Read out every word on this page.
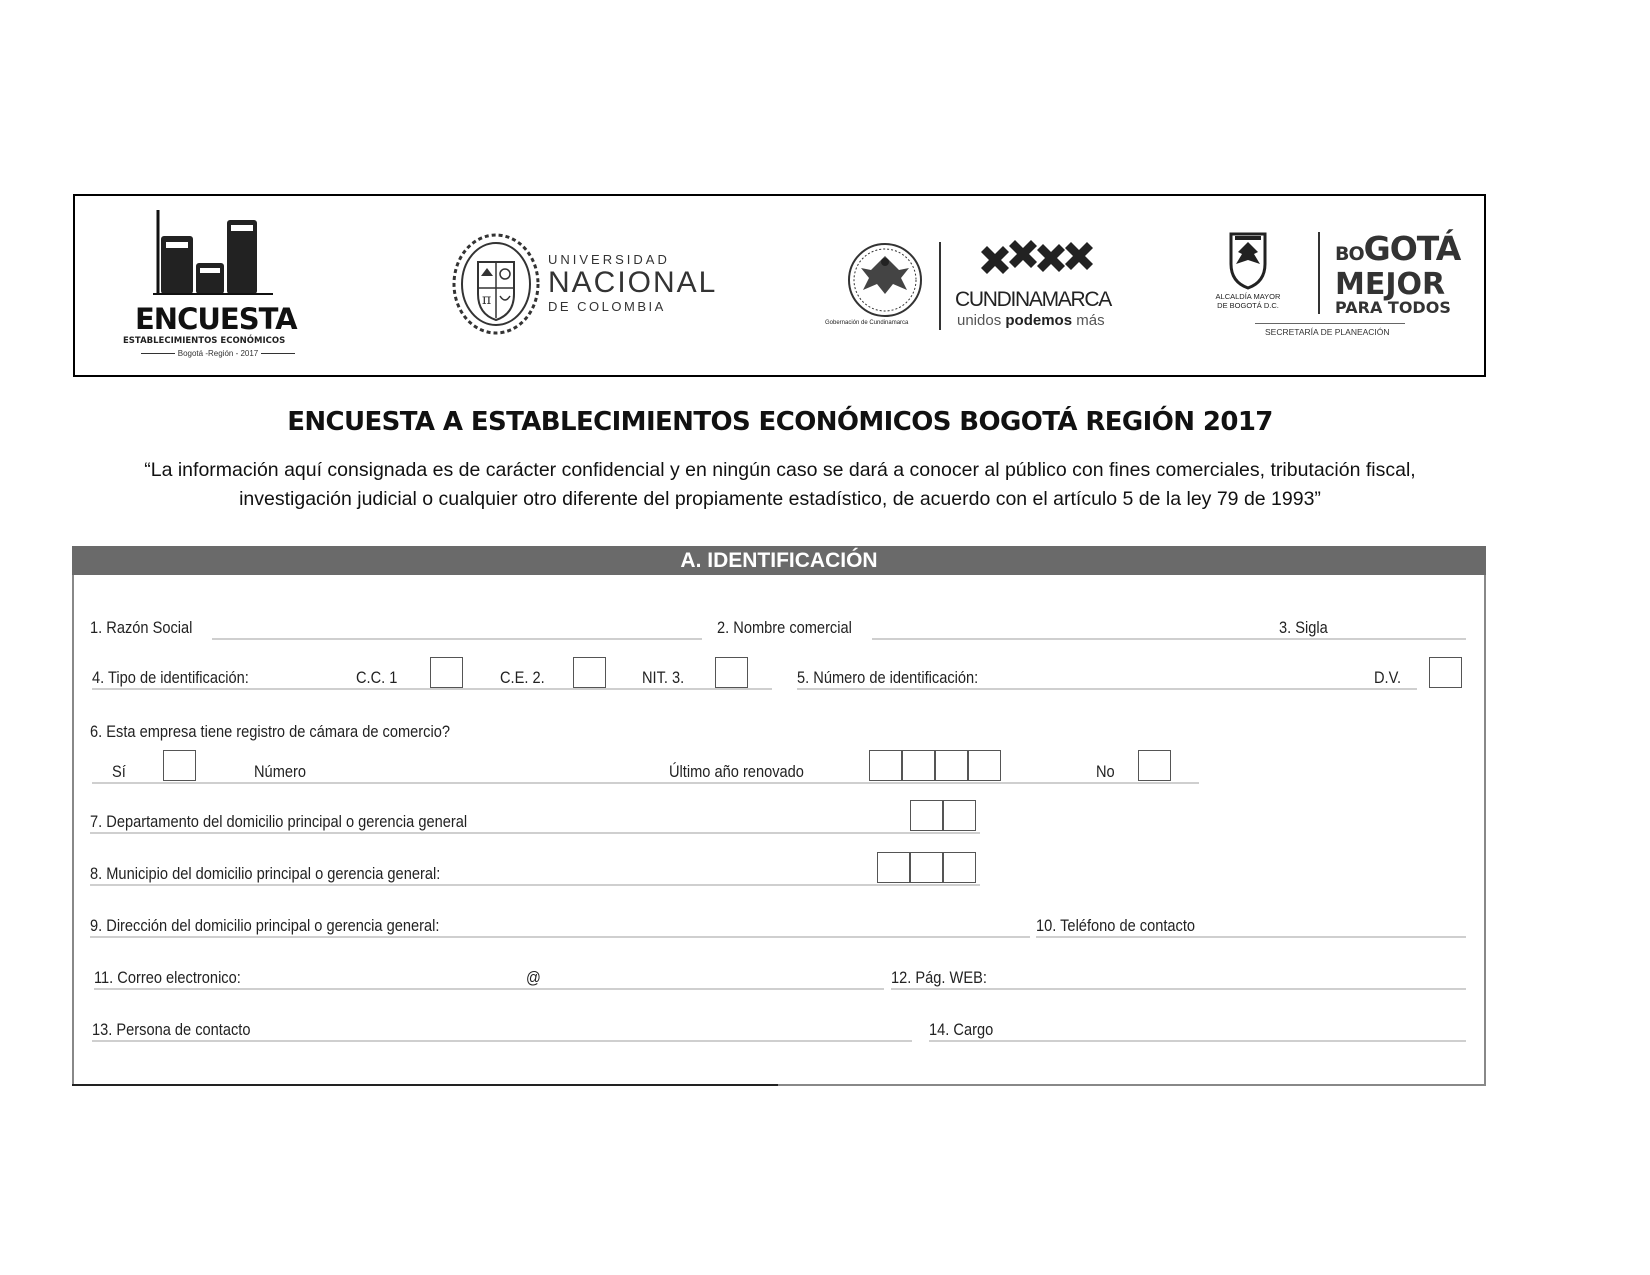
ENCUESTA
ESTABLECIMIENTOS ECONÓMICOS
Bogotá -Región - 2017
π
UNIVERSIDAD
NACIONAL
DE COLOMBIA
Gobernación de Cundinamarca
CUNDINAMARCA
unidos podemos más
ALCALDÍA MAYOR
DE BOGOTÁ D.C.
BOGOTÁ
MEJOR
PARA TODOS
SECRETARÍA DE PLANEACIÓN
ENCUESTA A ESTABLECIMIENTOS ECONÓMICOS BOGOTÁ REGIÓN 2017
“La información aquí consignada es de carácter confidencial y en ningún caso se dará a conocer al público con fines comerciales, tributación fiscal, investigación judicial o cualquier otro diferente del propiamente estadístico, de acuerdo con el artículo 5 de la ley 79 de 1993”
A. IDENTIFICACIÓN
1. Razón Social	2. Nombre comercial	3. Sigla
4. Tipo de identificación:	C.C. 1	C.E. 2.	NIT. 3.	5. Número de identificación:	D.V.
6. Esta empresa tiene registro de cámara de comercio?
Sí	Número	Último año renovado	No
7. Departamento del domicilio principal o gerencia general
8. Municipio del domicilio principal o gerencia general:
9. Dirección del domicilio principal o gerencia general:	10. Teléfono de contacto
11. Correo electronico:	@	12. Pág. WEB:
13. Persona de contacto	14. Cargo
